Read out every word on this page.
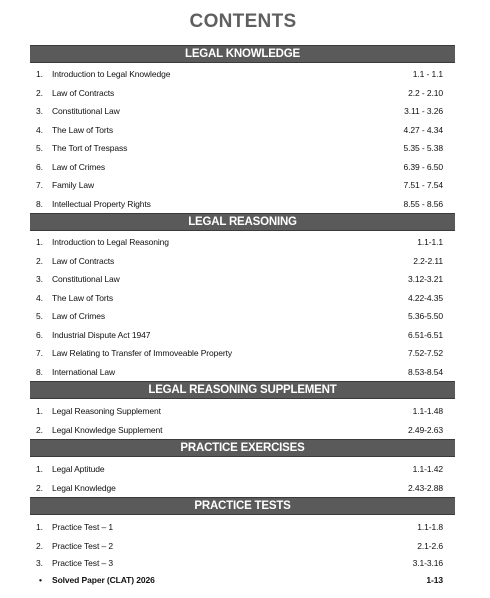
CONTENTS
LEGAL KNOWLEDGE
1.	Introduction to Legal Knowledge	1.1 - 1.1
2.	Law of Contracts	2.2 - 2.10
3.	Constitutional Law	3.11 - 3.26
4.	The Law of Torts	4.27 - 4.34
5.	The Tort of Trespass	5.35 - 5.38
6.	Law of Crimes	6.39 - 6.50
7.	Family Law	7.51 - 7.54
8.	Intellectual Property Rights	8.55 - 8.56
LEGAL REASONING
1.	Introduction to Legal Reasoning	1.1-1.1
2.	Law of Contracts	2.2-2.11
3.	Constitutional Law	3.12-3.21
4.	The Law of Torts	4.22-4.35
5.	Law of Crimes	5.36-5.50
6.	Industrial Dispute Act 1947	6.51-6.51
7.	Law Relating to Transfer of Immoveable Property	7.52-7.52
8.	International Law	8.53-8.54
LEGAL REASONING SUPPLEMENT
1.	Legal Reasoning Supplement	1.1-1.48
2.	Legal Knowledge Supplement	2.49-2.63
PRACTICE EXERCISES
1.	Legal Aptitude	1.1-1.42
2.	Legal Knowledge	2.43-2.88
PRACTICE TESTS
1.	Practice Test – 1	1.1-1.8
2.	Practice Test – 2	2.1-2.6
3.	Practice Test – 3	3.1-3.16
•	Solved Paper (CLAT) 2026	1-13
